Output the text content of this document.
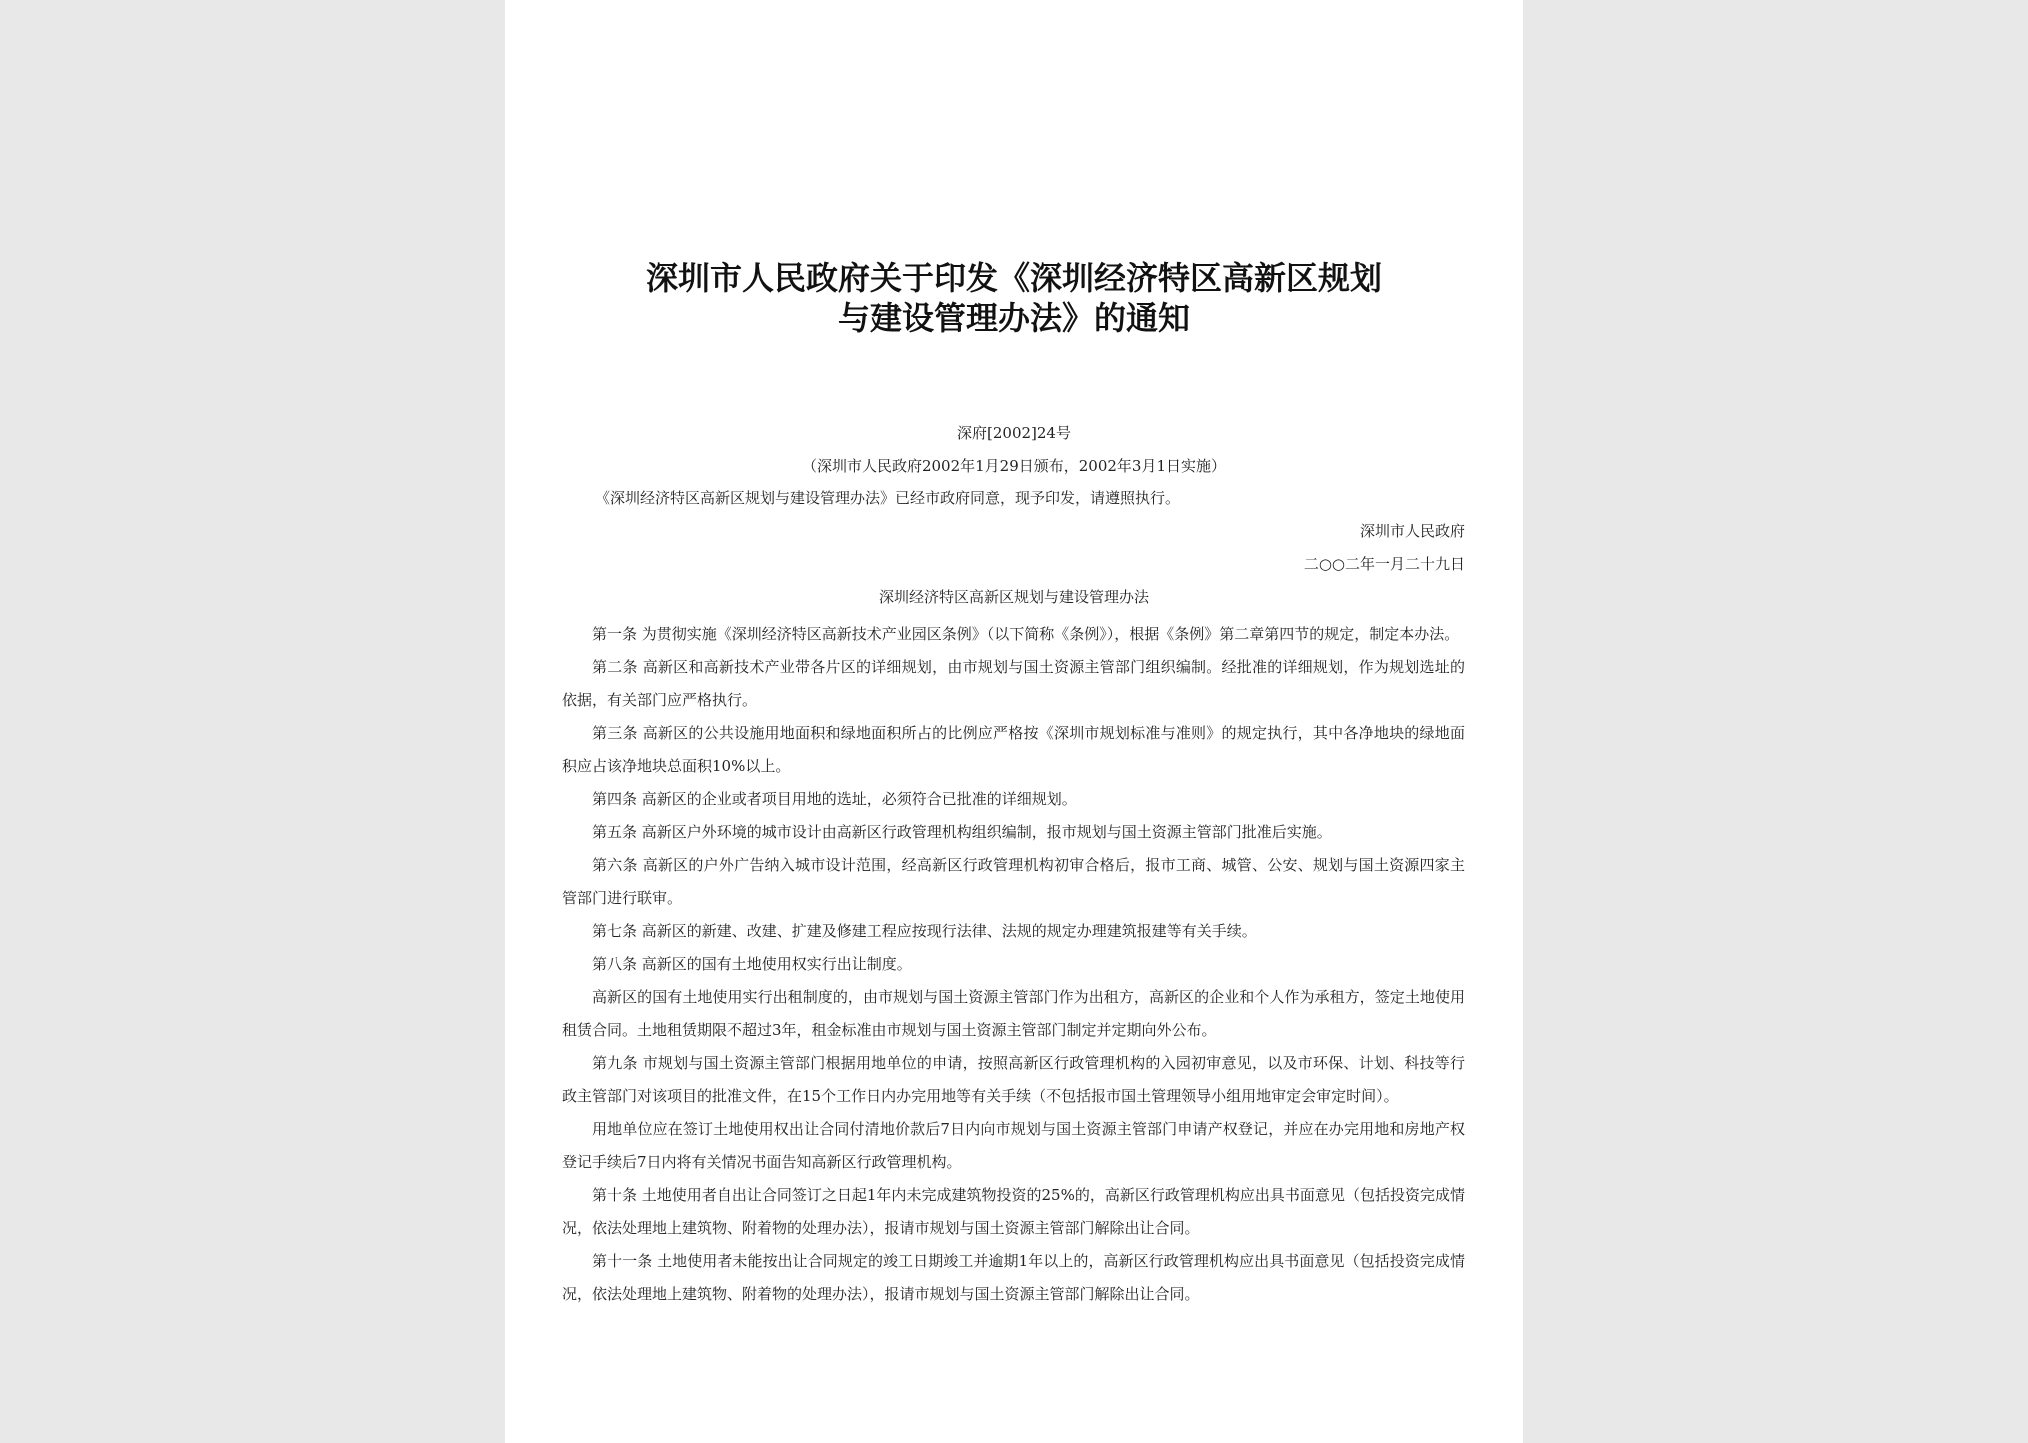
深圳市人民政府关于印发《深圳经济特区高新区规划
与建设管理办法》的通知
深府[2002]24号
（深圳市人民政府2002年1月29日颁布，2002年3月1日实施）
《深圳经济特区高新区规划与建设管理办法》已经市政府同意，现予印发，请遵照执行。
深圳市人民政府
二○○二年一月二十九日
深圳经济特区高新区规划与建设管理办法

第一条 为贯彻实施《深圳经济特区高新技术产业园区条例》（以下简称《条例》），根据《条例》第二章第四节的规定，制定本办法。

第二条 高新区和高新技术产业带各片区的详细规划，由市规划与国土资源主管部门组织编制。经批准的详细规划，作为规划选址的依据，有关部门应严格执行。

第三条 高新区的公共设施用地面积和绿地面积所占的比例应严格按《深圳市规划标准与准则》的规定执行，其中各净地块的绿地面积应占该净地块总面积10%以上。

第四条 高新区的企业或者项目用地的选址，必须符合已批准的详细规划。

第五条 高新区户外环境的城市设计由高新区行政管理机构组织编制，报市规划与国土资源主管部门批准后实施。

第六条 高新区的户外广告纳入城市设计范围，经高新区行政管理机构初审合格后，报市工商、城管、公安、规划与国土资源四家主管部门进行联审。

第七条 高新区的新建、改建、扩建及修建工程应按现行法律、法规的规定办理建筑报建等有关手续。

第八条 高新区的国有土地使用权实行出让制度。

高新区的国有土地使用实行出租制度的，由市规划与国土资源主管部门作为出租方，高新区的企业和个人作为承租方，签定土地使用租赁合同。土地租赁期限不超过3年，租金标准由市规划与国土资源主管部门制定并定期向外公布。

第九条 市规划与国土资源主管部门根据用地单位的申请，按照高新区行政管理机构的入园初审意见，以及市环保、计划、科技等行政主管部门对该项目的批准文件，在15个工作日内办完用地等有关手续（不包括报市国土管理领导小组用地审定会审定时间）。

用地单位应在签订土地使用权出让合同付清地价款后7日内向市规划与国土资源主管部门申请产权登记，并应在办完用地和房地产权登记手续后7日内将有关情况书面告知高新区行政管理机构。

第十条 土地使用者自出让合同签订之日起1年内未完成建筑物投资的25%的，高新区行政管理机构应出具书面意见（包括投资完成情况，依法处理地上建筑物、附着物的处理办法），报请市规划与国土资源主管部门解除出让合同。

第十一条 土地使用者未能按出让合同规定的竣工日期竣工并逾期1年以上的，高新区行政管理机构应出具书面意见（包括投资完成情况，依法处理地上建筑物、附着物的处理办法），报请市规划与国土资源主管部门解除出让合同。
